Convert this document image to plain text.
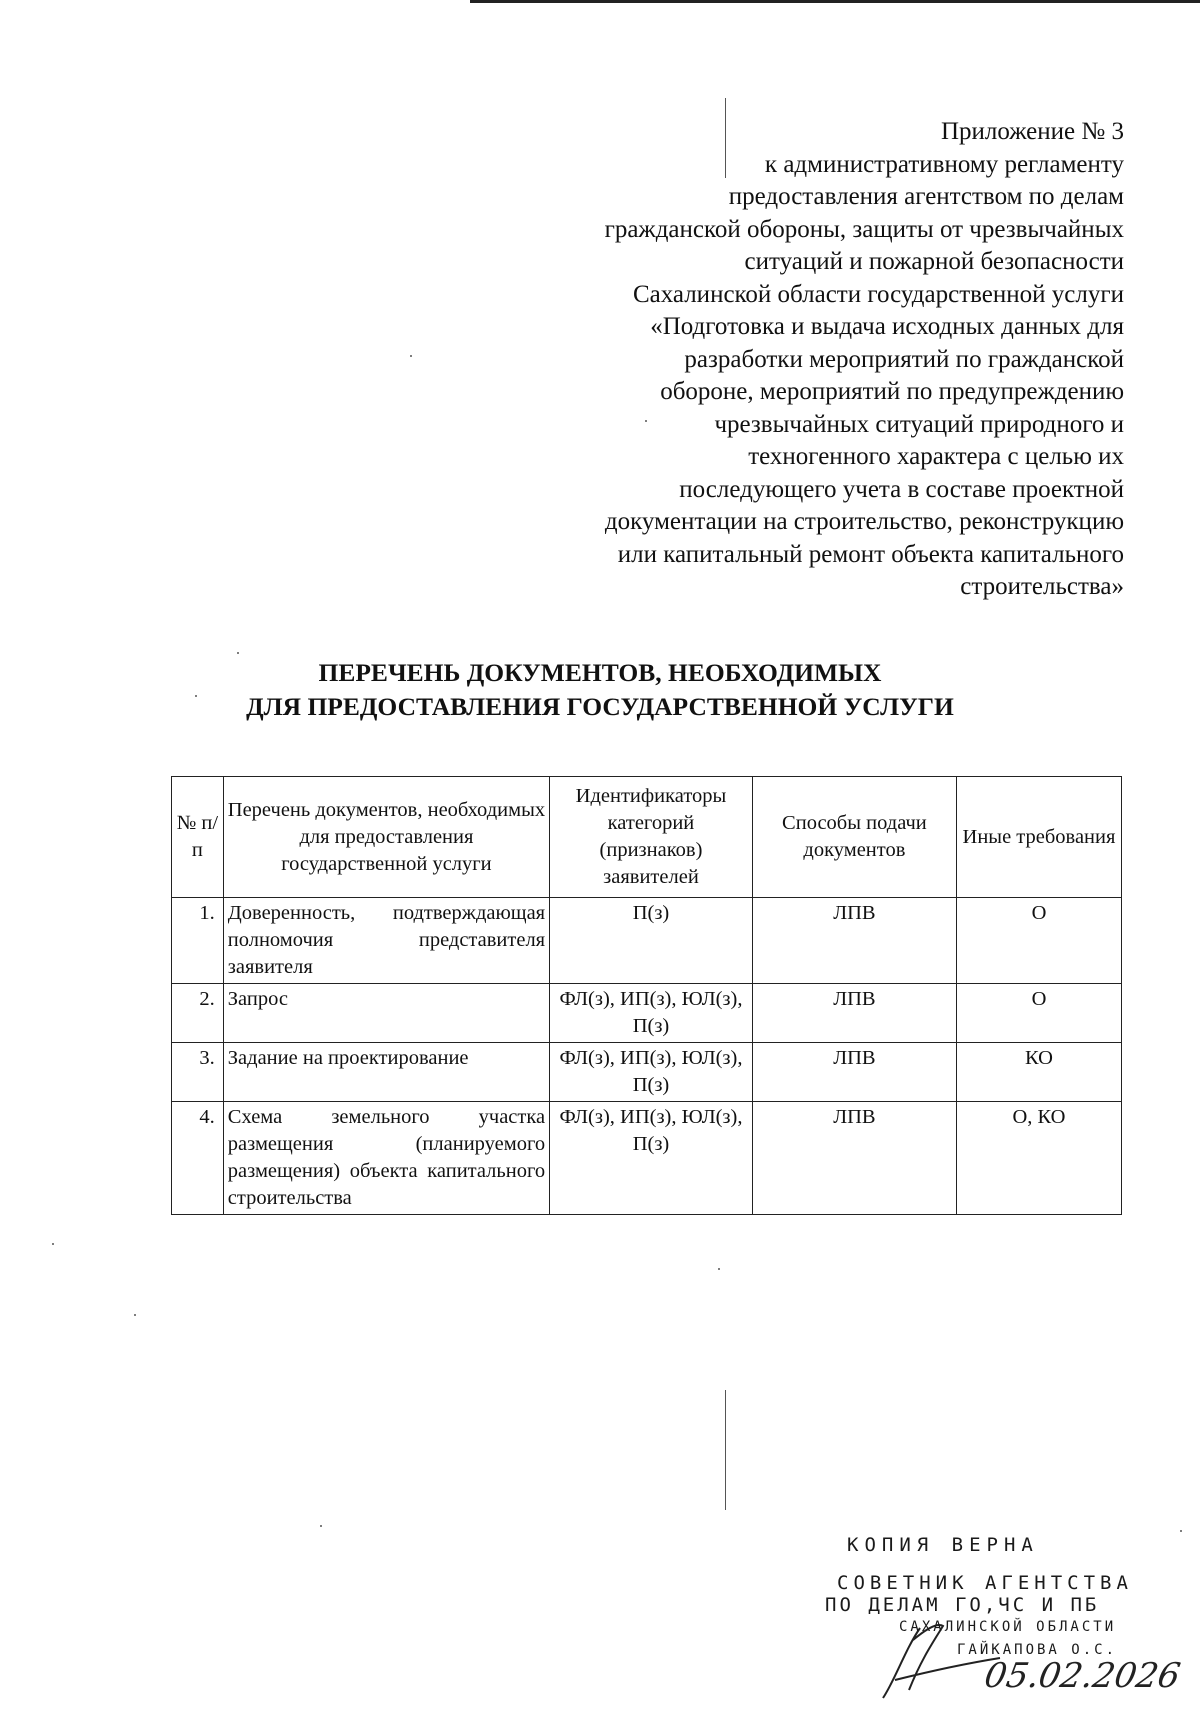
Приложение № 3
к административному регламенту
предоставления агентством по делам
гражданской обороны, защиты от чрезвычайных
ситуаций и пожарной безопасности
Сахалинской области государственной услуги
«Подготовка и выдача исходных данных для
разработки мероприятий по гражданской
обороне, мероприятий по предупреждению
чрезвычайных ситуаций природного и
техногенного характера с целью их
последующего учета в составе проектной
документации на строительство, реконструкцию
или капитальный ремонт объекта капитального
строительства»
ПЕРЕЧЕНЬ ДОКУМЕНТОВ, НЕОБХОДИМЫХ
ДЛЯ ПРЕДОСТАВЛЕНИЯ ГОСУДАРСТВЕННОЙ УСЛУГИ
№ п/п	Перечень документов, необходимых для предоставления государственной услуги	Идентификаторы категорий (признаков) заявителей	Способы подачи документов	Иные требования
1.	Доверенность, подтверждающая полномочия представителя заявителя	П(з)	ЛПВ	О
2.	Запрос	ФЛ(з), ИП(з), ЮЛ(з), П(з)	ЛПВ	О
3.	Задание на проектирование	ФЛ(з), ИП(з), ЮЛ(з), П(з)	ЛПВ	КО
4.	Схема земельного участка размещения (планируемого размещения) объекта капитального строительства	ФЛ(з), ИП(з), ЮЛ(з), П(з)	ЛПВ	О, КО
КОПИЯ ВЕРНА
СОВЕТНИК АГЕНТСТВА
ПО ДЕЛАМ ГО,ЧС И ПБ
САХАЛИНСКОЙ ОБЛАСТИ
ГАЙКАПОВА О.С.
05.02.2026
